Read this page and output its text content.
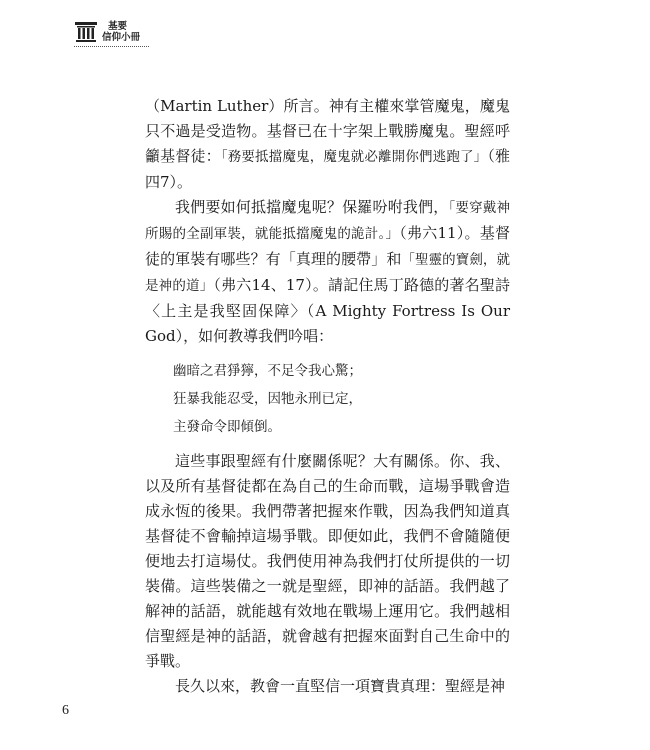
基要
信仰小冊

（Martin Luther）所言。神有主權來掌管魔鬼，魔鬼只不過是受造物。基督已在十字架上戰勝魔鬼。聖經呼籲基督徒：「務要抵擋魔鬼，魔鬼就必離開你們逃跑了」（雅四7）。

我們要如何抵擋魔鬼呢？保羅吩咐我們，「要穿戴神所賜的全副軍裝，就能抵擋魔鬼的詭計。」（弗六11）。基督徒的軍裝有哪些？有「真理的腰帶」和「聖靈的寶劍，就是神的道」（弗六14、17）。請記住馬丁路德的著名聖詩〈上主是我堅固保障〉（A Mighty Fortress Is Our God），如何教導我們吟唱：

幽暗之君猙獰，不足令我心驚；
狂暴我能忍受，因牠永刑已定，
主發命令即傾倒。

這些事跟聖經有什麼關係呢？大有關係。你、我、以及所有基督徒都在為自己的生命而戰，這場爭戰會造成永恆的後果。我們帶著把握來作戰，因為我們知道真基督徒不會輸掉這場爭戰。即便如此，我們不會隨隨便便地去打這場仗。我們使用神為我們打仗所提供的一切裝備。這些裝備之一就是聖經，即神的話語。我們越了解神的話語，就能越有效地在戰場上運用它。我們越相信聖經是神的話語，就會越有把握來面對自己生命中的爭戰。

長久以來，教會一直堅信一項寶貴真理：聖經是神

6
